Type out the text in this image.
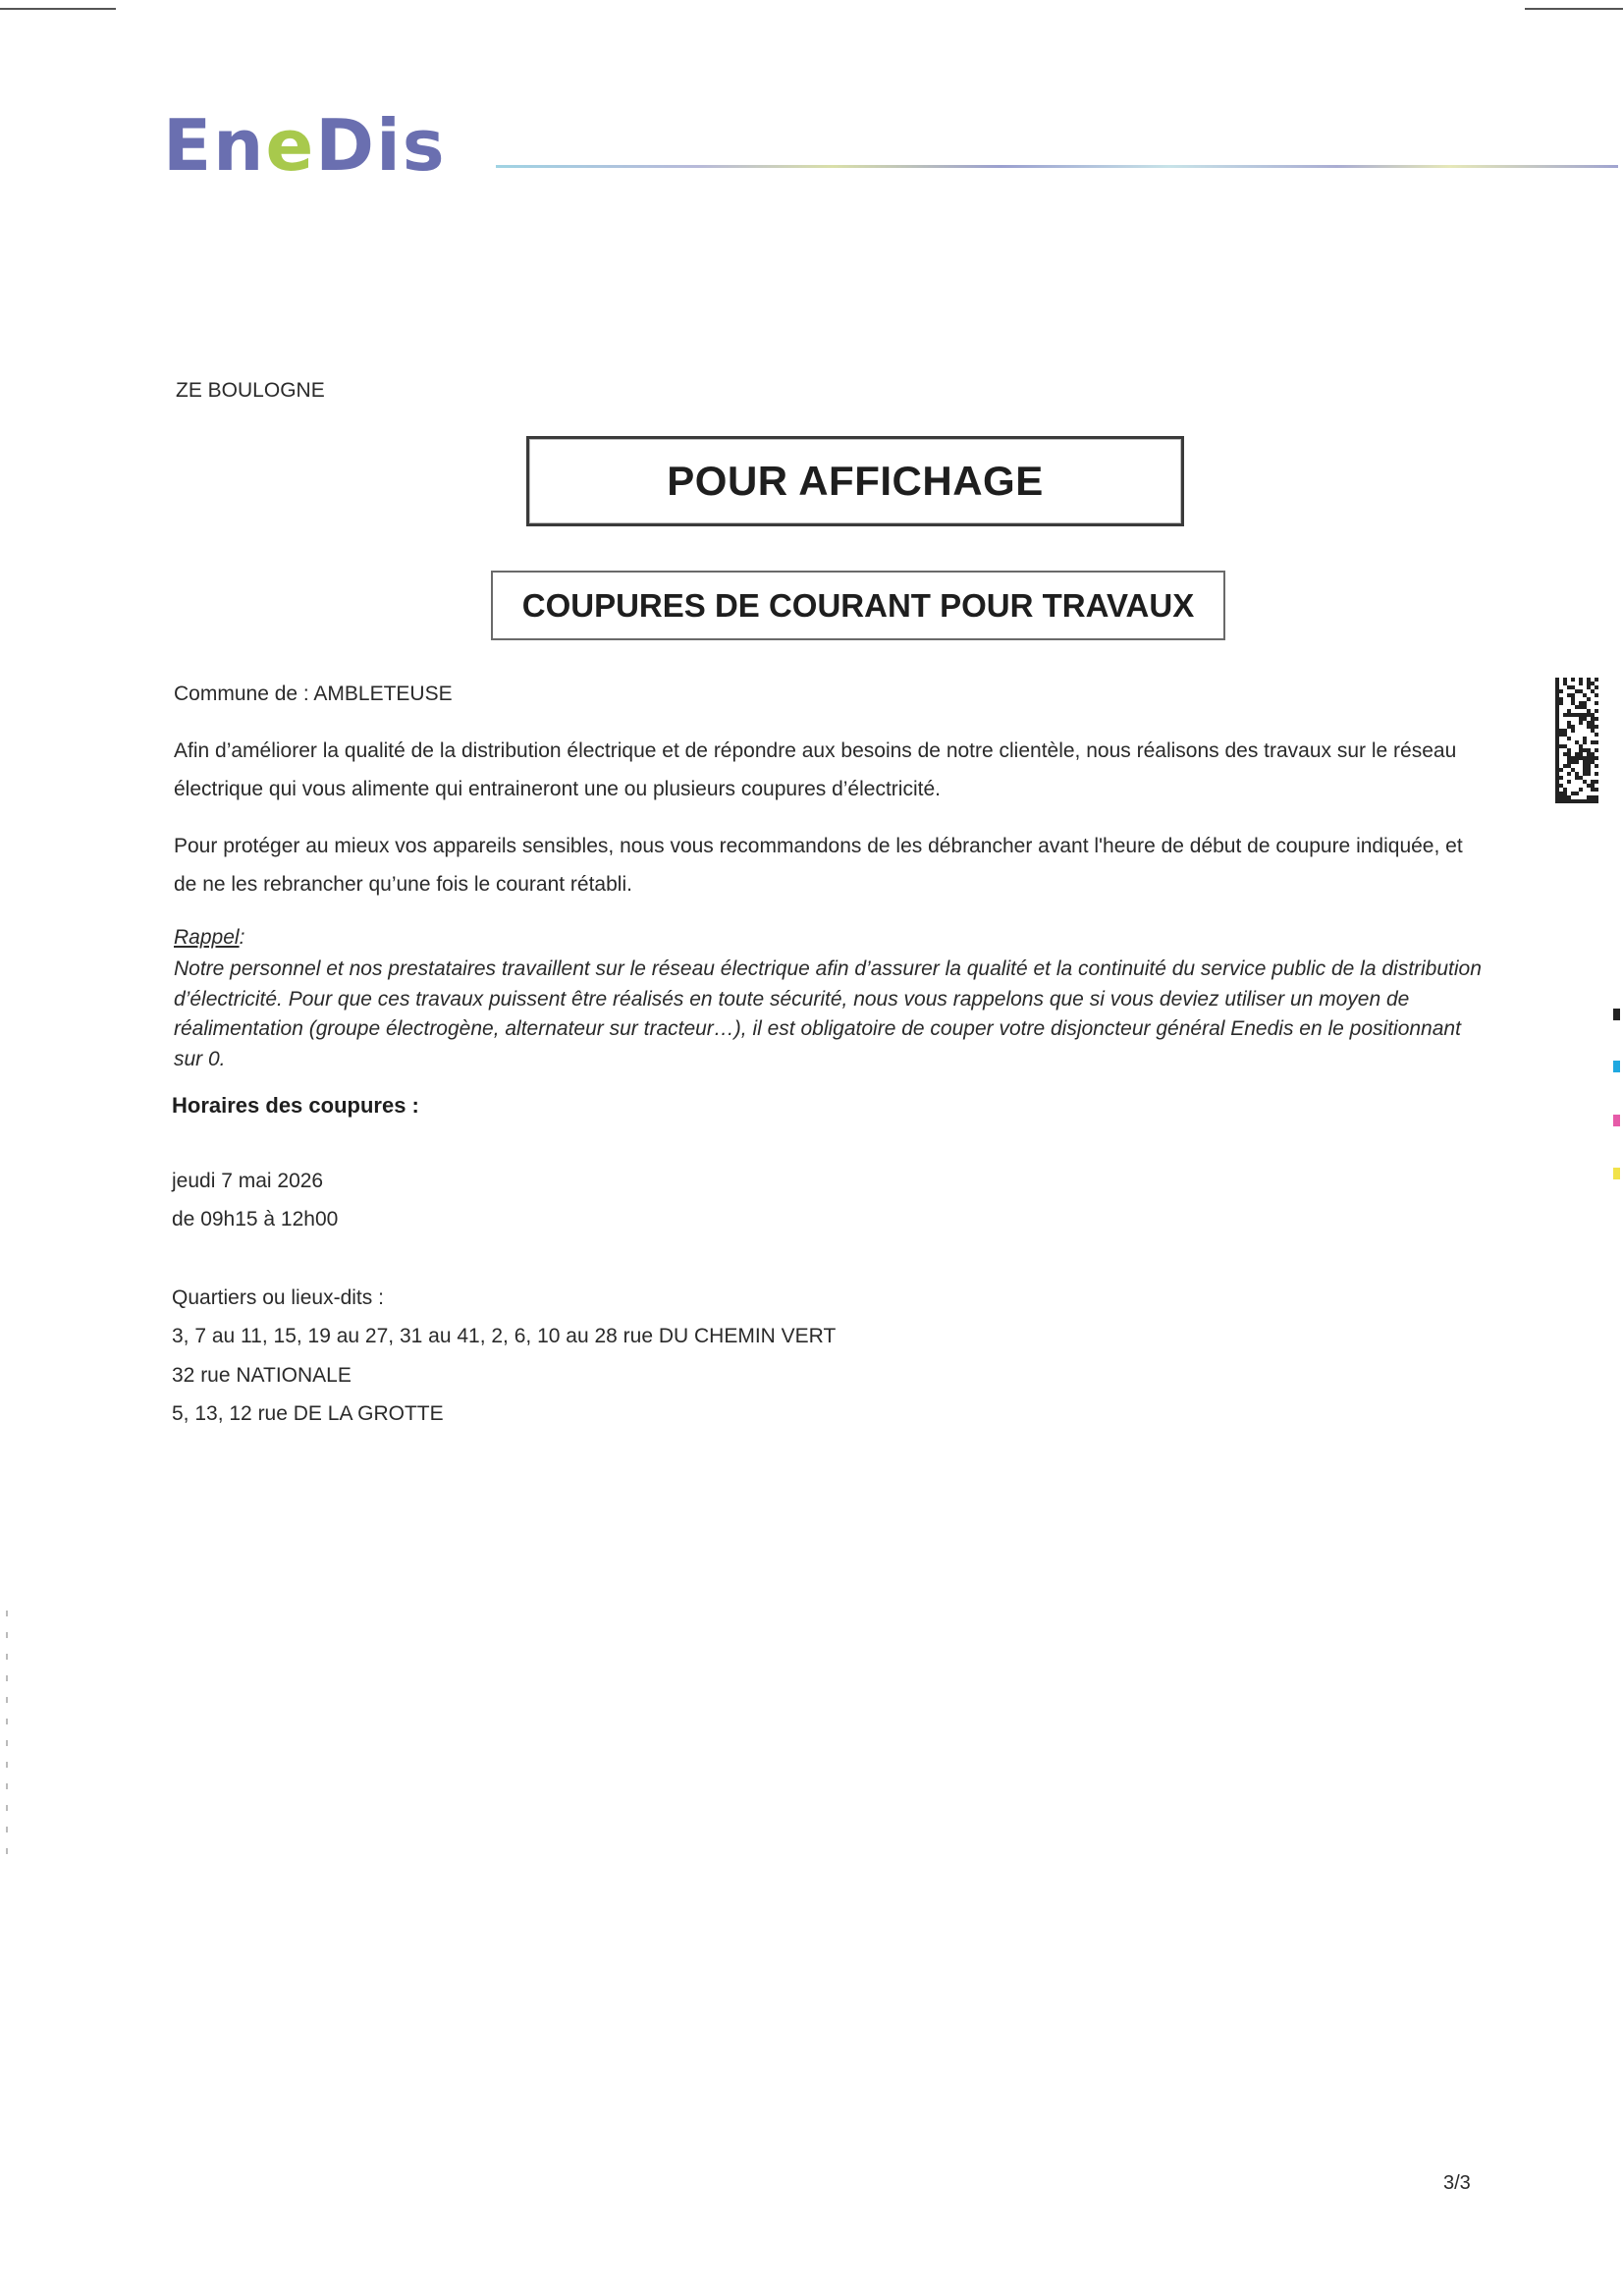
En e Dis
ZE BOULOGNE
POUR AFFICHAGE
COUPURES DE COURANT POUR TRAVAUX
Commune de : AMBLETEUSE
Afin d’améliorer la qualité de la distribution électrique et de répondre aux besoins de notre clientèle, nous réalisons des travaux sur le réseau électrique qui vous alimente qui entraineront une ou plusieurs coupures d’électricité.
Pour protéger au mieux vos appareils sensibles, nous vous recommandons de les débrancher avant l'heure de début de coupure indiquée, et de ne les rebrancher qu’une fois le courant rétabli.
Rappel:
Notre personnel et nos prestataires travaillent sur le réseau électrique afin d’assurer la qualité et la continuité du service public de la distribution d’électricité. Pour que ces travaux puissent être réalisés en toute sécurité, nous vous rappelons que si vous deviez utiliser un moyen de réalimentation (groupe électrogène, alternateur sur tracteur…), il est obligatoire de couper votre disjoncteur général Enedis en le positionnant sur 0.
Horaires des coupures :
jeudi 7 mai 2026
de 09h15 à 12h00
Quartiers ou lieux-dits :
3, 7 au 11, 15, 19 au 27, 31 au 41, 2, 6, 10 au 28 rue DU CHEMIN VERT
32 rue NATIONALE
5, 13, 12 rue DE LA GROTTE
3/3
